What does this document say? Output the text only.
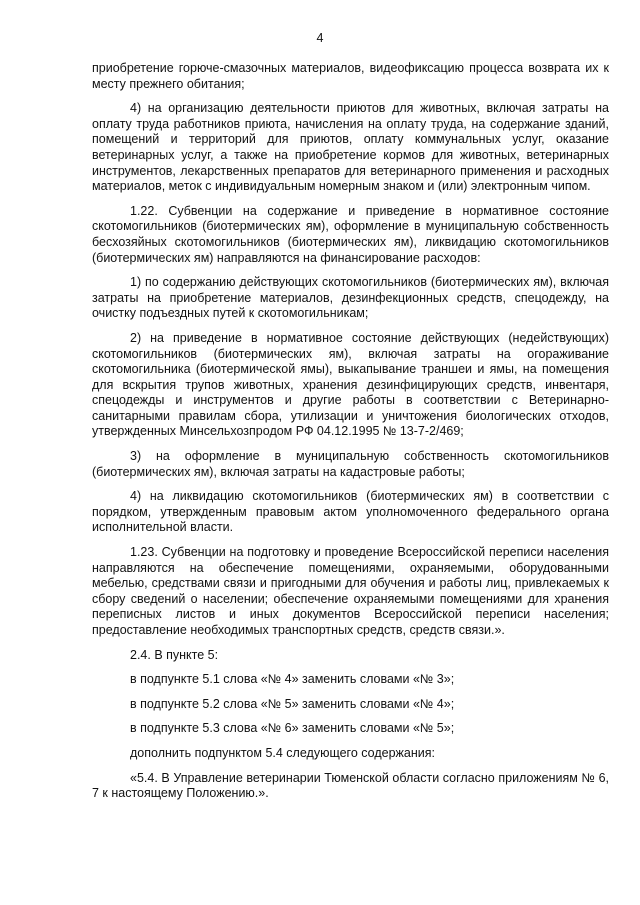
4

приобретение горюче-смазочных материалов, видеофиксацию процесса возврата их к месту прежнего обитания;

4) на организацию деятельности приютов для животных, включая затраты на оплату труда работников приюта, начисления на оплату труда, на содержание зданий, помещений и территорий для приютов, оплату коммунальных услуг, оказание ветеринарных услуг, а также на приобретение кормов для животных, ветеринарных инструментов, лекарственных препаратов для ветеринарного применения и расходных материалов, меток с индивидуальным номерным знаком и (или) электронным чипом.

1.22. Субвенции на содержание и приведение в нормативное состояние скотомогильников (биотермических ям), оформление в муниципальную собственность бесхозяйных скотомогильников (биотермических ям), ликвидацию скотомогильников (биотермических ям) направляются на финансирование расходов:

1) по содержанию действующих скотомогильников (биотермических ям), включая затраты на приобретение материалов, дезинфекционных средств, спецодежду, на очистку подъездных путей к скотомогильникам;

2) на приведение в нормативное состояние действующих (недействующих) скотомогильников (биотермических ям), включая затраты на огораживание скотомогильника (биотермической ямы), выкапывание траншеи и ямы, на помещения для вскрытия трупов животных, хранения дезинфицирующих средств, инвентаря, спецодежды и инструментов и другие работы в соответствии с Ветеринарно-санитарными правилам сбора, утилизации и уничтожения биологических отходов, утвержденных Минсельхозпродом РФ 04.12.1995 № 13-7-2/469;

3) на оформление в муниципальную собственность скотомогильников (биотермических ям), включая затраты на кадастровые работы;

4) на ликвидацию скотомогильников (биотермических ям) в соответствии с порядком, утвержденным правовым актом уполномоченного федерального органа исполнительной власти.

1.23. Субвенции на подготовку и проведение Всероссийской переписи населения направляются на обеспечение помещениями, охраняемыми, оборудованными мебелью, средствами связи и пригодными для обучения и работы лиц, привлекаемых к сбору сведений о населении; обеспечение охраняемыми помещениями для хранения переписных листов и иных документов Всероссийской переписи населения; предоставление необходимых транспортных средств, средств связи.».

2.4. В пункте 5:

в подпункте 5.1 слова «№ 4» заменить словами «№ 3»;

в подпункте 5.2 слова «№ 5» заменить словами «№ 4»;

в подпункте 5.3 слова «№ 6» заменить словами «№ 5»;

дополнить подпунктом 5.4 следующего содержания:

«5.4. В Управление ветеринарии Тюменской области согласно приложениям № 6, 7 к настоящему Положению.».
